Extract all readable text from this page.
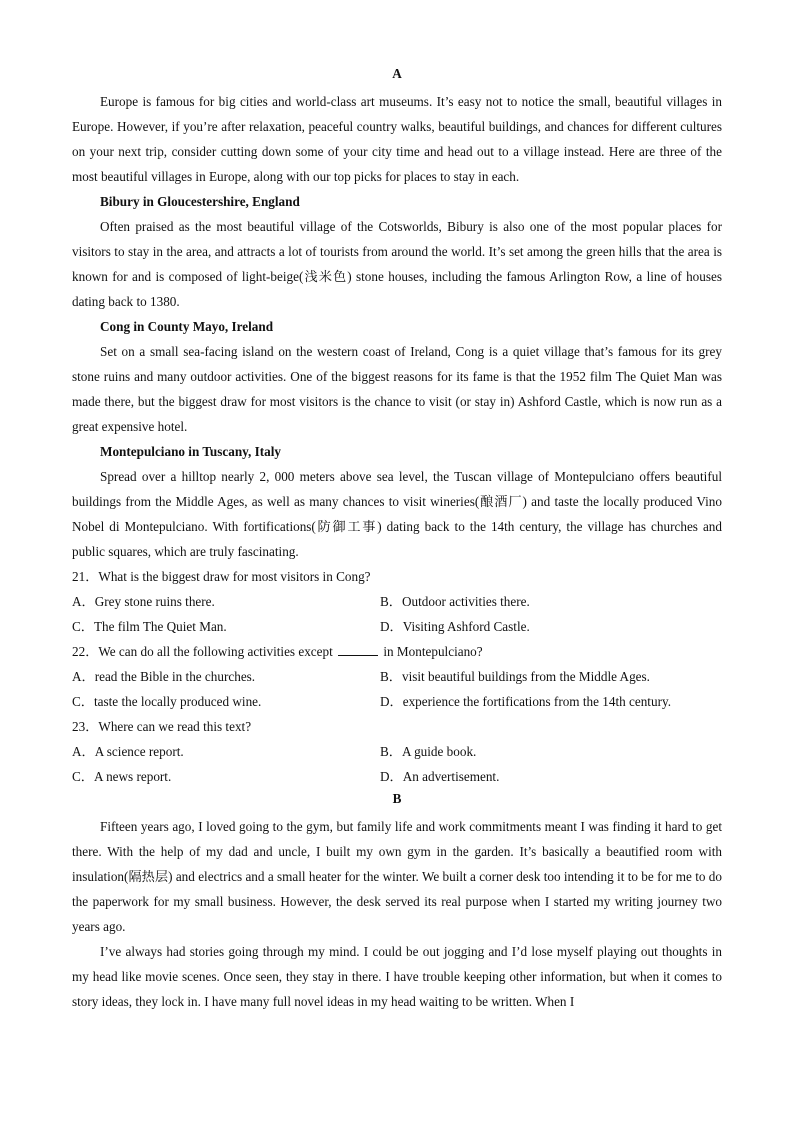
A

Europe is famous for big cities and world-class art museums. It’s easy not to notice the small, beautiful villages in Europe. However, if you’re after relaxation, peaceful country walks, beautiful buildings, and chances for different cultures on your next trip, consider cutting down some of your city time and head out to a village instead. Here are three of the most beautiful villages in Europe, along with our top picks for places to stay in each.

Bibury in Gloucestershire, England

Often praised as the most beautiful village of the Cotsworlds, Bibury is also one of the most popular places for visitors to stay in the area, and attracts a lot of tourists from around the world. It’s set among the green hills that the area is known for and is composed of light-beige(浅米色) stone houses, including the famous Arlington Row, a line of houses dating back to 1380.

Cong in County Mayo, Ireland

Set on a small sea-facing island on the western coast of Ireland, Cong is a quiet village that’s famous for its grey stone ruins and many outdoor activities. One of the biggest reasons for its fame is that the 1952 film The Quiet Man was made there, but the biggest draw for most visitors is the chance to visit (or stay in) Ashford Castle, which is now run as a great expensive hotel.

Montepulciano in Tuscany, Italy

Spread over a hilltop nearly 2, 000 meters above sea level, the Tuscan village of Montepulciano offers beautiful buildings from the Middle Ages, as well as many chances to visit wineries(酿酒厂) and taste the locally produced Vino Nobel di Montepulciano. With fortifications(防御工事) dating back to the 14th century, the village has churches and public squares, which are truly fascinating.

21．What is the biggest draw for most visitors in Cong?

A．Grey stone ruins there.	B．Outdoor activities there.
C．The film The Quiet Man.	D．Visiting Ashford Castle.

22．We can do all the following activities except	in Montepulciano?

A．read the Bible in the churches.	B．visit beautiful buildings from the Middle Ages.
C．taste the locally produced wine.	D．experience the fortifications from the 14th century.

23．Where can we read this text?

A．A science report.	B．A guide book.
C．A news report.	D．An advertisement.

B

Fifteen years ago, I loved going to the gym, but family life and work commitments meant I was finding it hard to get there. With the help of my dad and uncle, I built my own gym in the garden. It’s basically a beautified room with insulation(隔热层) and electrics and a small heater for the winter. We built a corner desk too intending it to be for me to do the paperwork for my small business. However, the desk served its real purpose when I started my writing journey two years ago.

I’ve always had stories going through my mind. I could be out jogging and I’d lose myself playing out thoughts in my head like movie scenes. Once seen, they stay in there. I have trouble keeping other information, but when it comes to story ideas, they lock in. I have many full novel ideas in my head waiting to be written. When I
